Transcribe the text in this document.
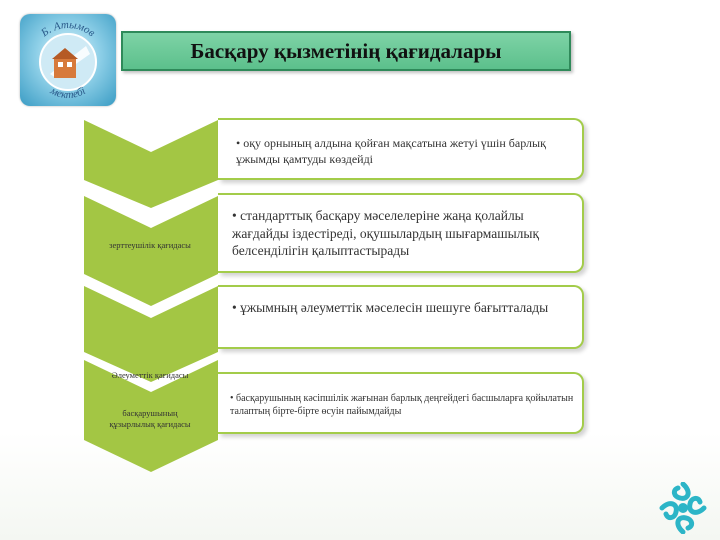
Б. Атымов
мектебі
Басқару қызметінің қағидалары
зерттеушілік қағидасы
Әлеуметтік қағидасы
басқарушының құзырлылық қағидасы
• оқу орнының алдына қойған мақсатына жетуі үшін барлық ұжымды қамтуды көздейді
• стандарттық басқару мәселелеріне жаңа қолайлы жағдайды іздестіреді, оқушылардың шығармашылық белсенділігін қалыптастырады
• ұжымның әлеуметтік мәселесін шешуге бағытталады
• басқарушының кәсіпшілік жағынан барлық деңгейдегі басшыларға қойылатын талаптың бірте-бірте өсуін пайымдайды
